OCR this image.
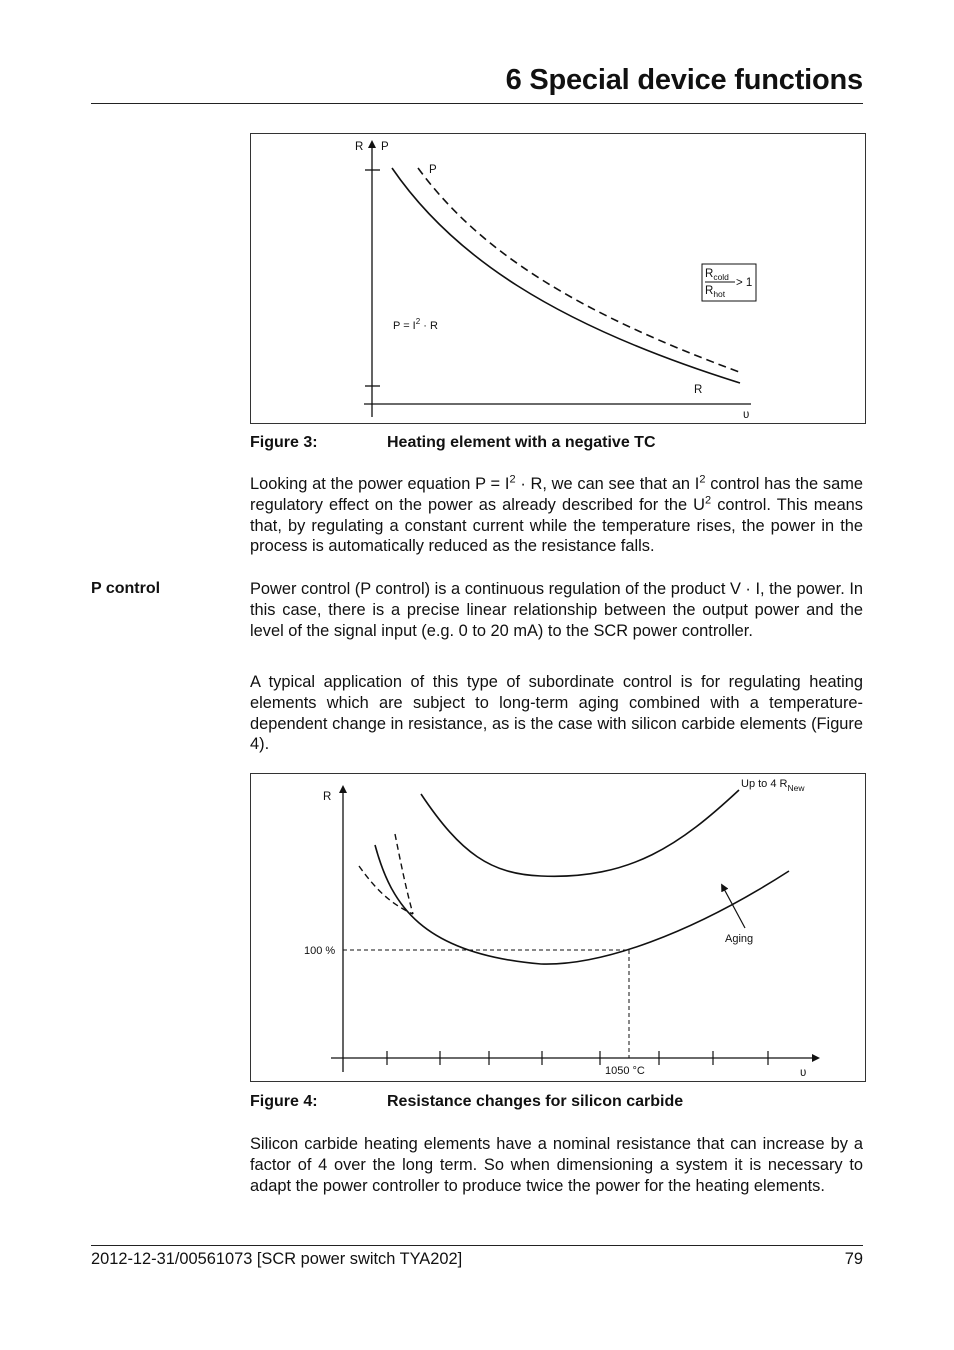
6 Special device functions
R P
P
R
υ
$P = I^2 \cdot R$
$R_{cold}$
$R_{hot}$
> 1
Figure 3:	Heating element with a negative TC
Looking at the power equation $P = I^2 \cdot R$, we can see that an $I^2$ control has the same regulatory effect on the power as already described for the $U^2$ control. This means that, by regulating a constant current while the temperature rises, the power in the process is automatically reduced as the resistance falls.
P control	Power control (P control) is a continuous regulation of the product V · I, the power. In this case, there is a precise linear relationship between the output power and the level of the signal input (e.g. 0 to 20 mA) to the SCR power controller.
A typical application of this type of subordinate control is for regulating heating elements which are subject to long-term aging combined with a temperature-dependent change in resistance, as is the case with silicon carbide elements (Figure 4).
R
100 %
1050 °C	υ
Aging
Up to 4 $R_{New}$
Figure 4:	Resistance changes for silicon carbide
Silicon carbide heating elements have a nominal resistance that can increase by a factor of 4 over the long term. So when dimensioning a system it is necessary to adapt the power controller to produce twice the power for the heating elements.
2012-12-31/00561073 [SCR power switch TYA202]	79
